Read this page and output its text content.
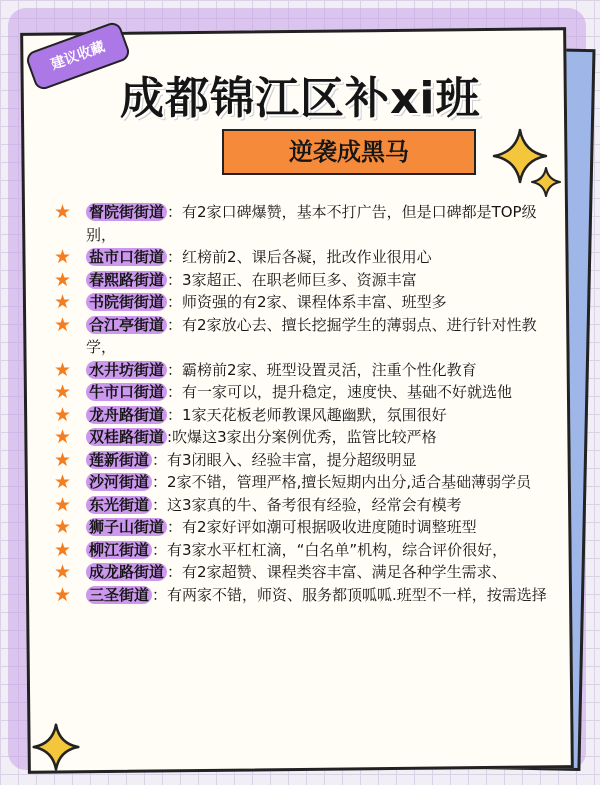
建议收藏
成都锦江区补xi班
逆袭成黑马
★ 督院街街道 ：有2家口碑爆赞，基本不打广告，但是口碑都是TOP级别，
★ 盐市口街道 ：红榜前2、课后各凝，批改作业很用心
★ 春熙路街道 ：3家超正、在职老师巨多、资源丰富
★ 书院街街道 ：师资强的有2家、课程体系丰富、班型多
★ 合江亭街道 ：有2家放心去、擅长挖掘学生的薄弱点、进行针对性教学，
★ 水井坊街道 ：霸榜前2家、班型设置灵活，注重个性化教育
★ 牛市口街道 ：有一家可以，提升稳定，速度快、基础不好就选他
★ 龙舟路街道 ：1家天花板老师教课风趣幽默，氛围很好
★ 双桂路街道 :吹爆这3家出分案例优秀，监管比较严格
★ 莲新街道 ：有3闭眼入、经验丰富，提分超级明显
★ 沙河街道 ：2家不错，管理严格,擅长短期内出分,适合基础薄弱学员
★ 东光街道 ：这3家真的牛、备考很有经验，经常会有模考
★ 狮子山街道 ：有2家好评如潮可根据吸收进度随时调整班型
★ 柳江街道 ：有3家水平杠杠滴，“白名单”机构，综合评价很好，
★ 成龙路街道 ：有2家超赞、课程类容丰富、满足各种学生需求、
★ 三圣街道 ：有两家不错，师资、服务都顶呱呱.班型不一样，按需选择
